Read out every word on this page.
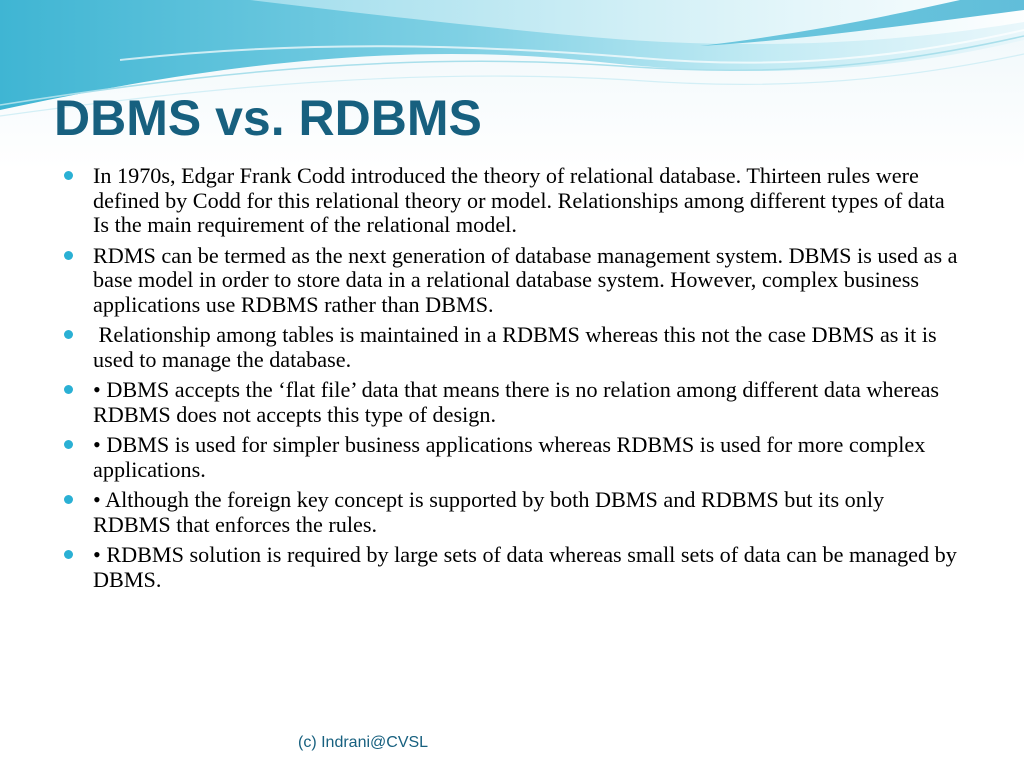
DBMS vs. RDBMS
In 1970s, Edgar Frank Codd introduced the theory of relational database. Thirteen rules were defined by Codd for this relational theory or model. Relationships among different types of data Is the main requirement of the relational model.
RDMS can be termed as the next generation of database management system. DBMS is used as a base model in order to store data in a relational database system. However, complex business applications use RDBMS rather than DBMS.
Relationship among tables is maintained in a RDBMS whereas this not the case DBMS as it is used to manage the database.
• DBMS accepts the ‘flat file’ data that means there is no relation among different data whereas RDBMS does not accepts this type of design.
• DBMS is used for simpler business applications whereas RDBMS is used for more complex applications.
• Although the foreign key concept is supported by both DBMS and RDBMS but its only RDBMS that enforces the rules.
• RDBMS solution is required by large sets of data whereas small sets of data can be managed by DBMS.
(c) Indrani@CVSL
